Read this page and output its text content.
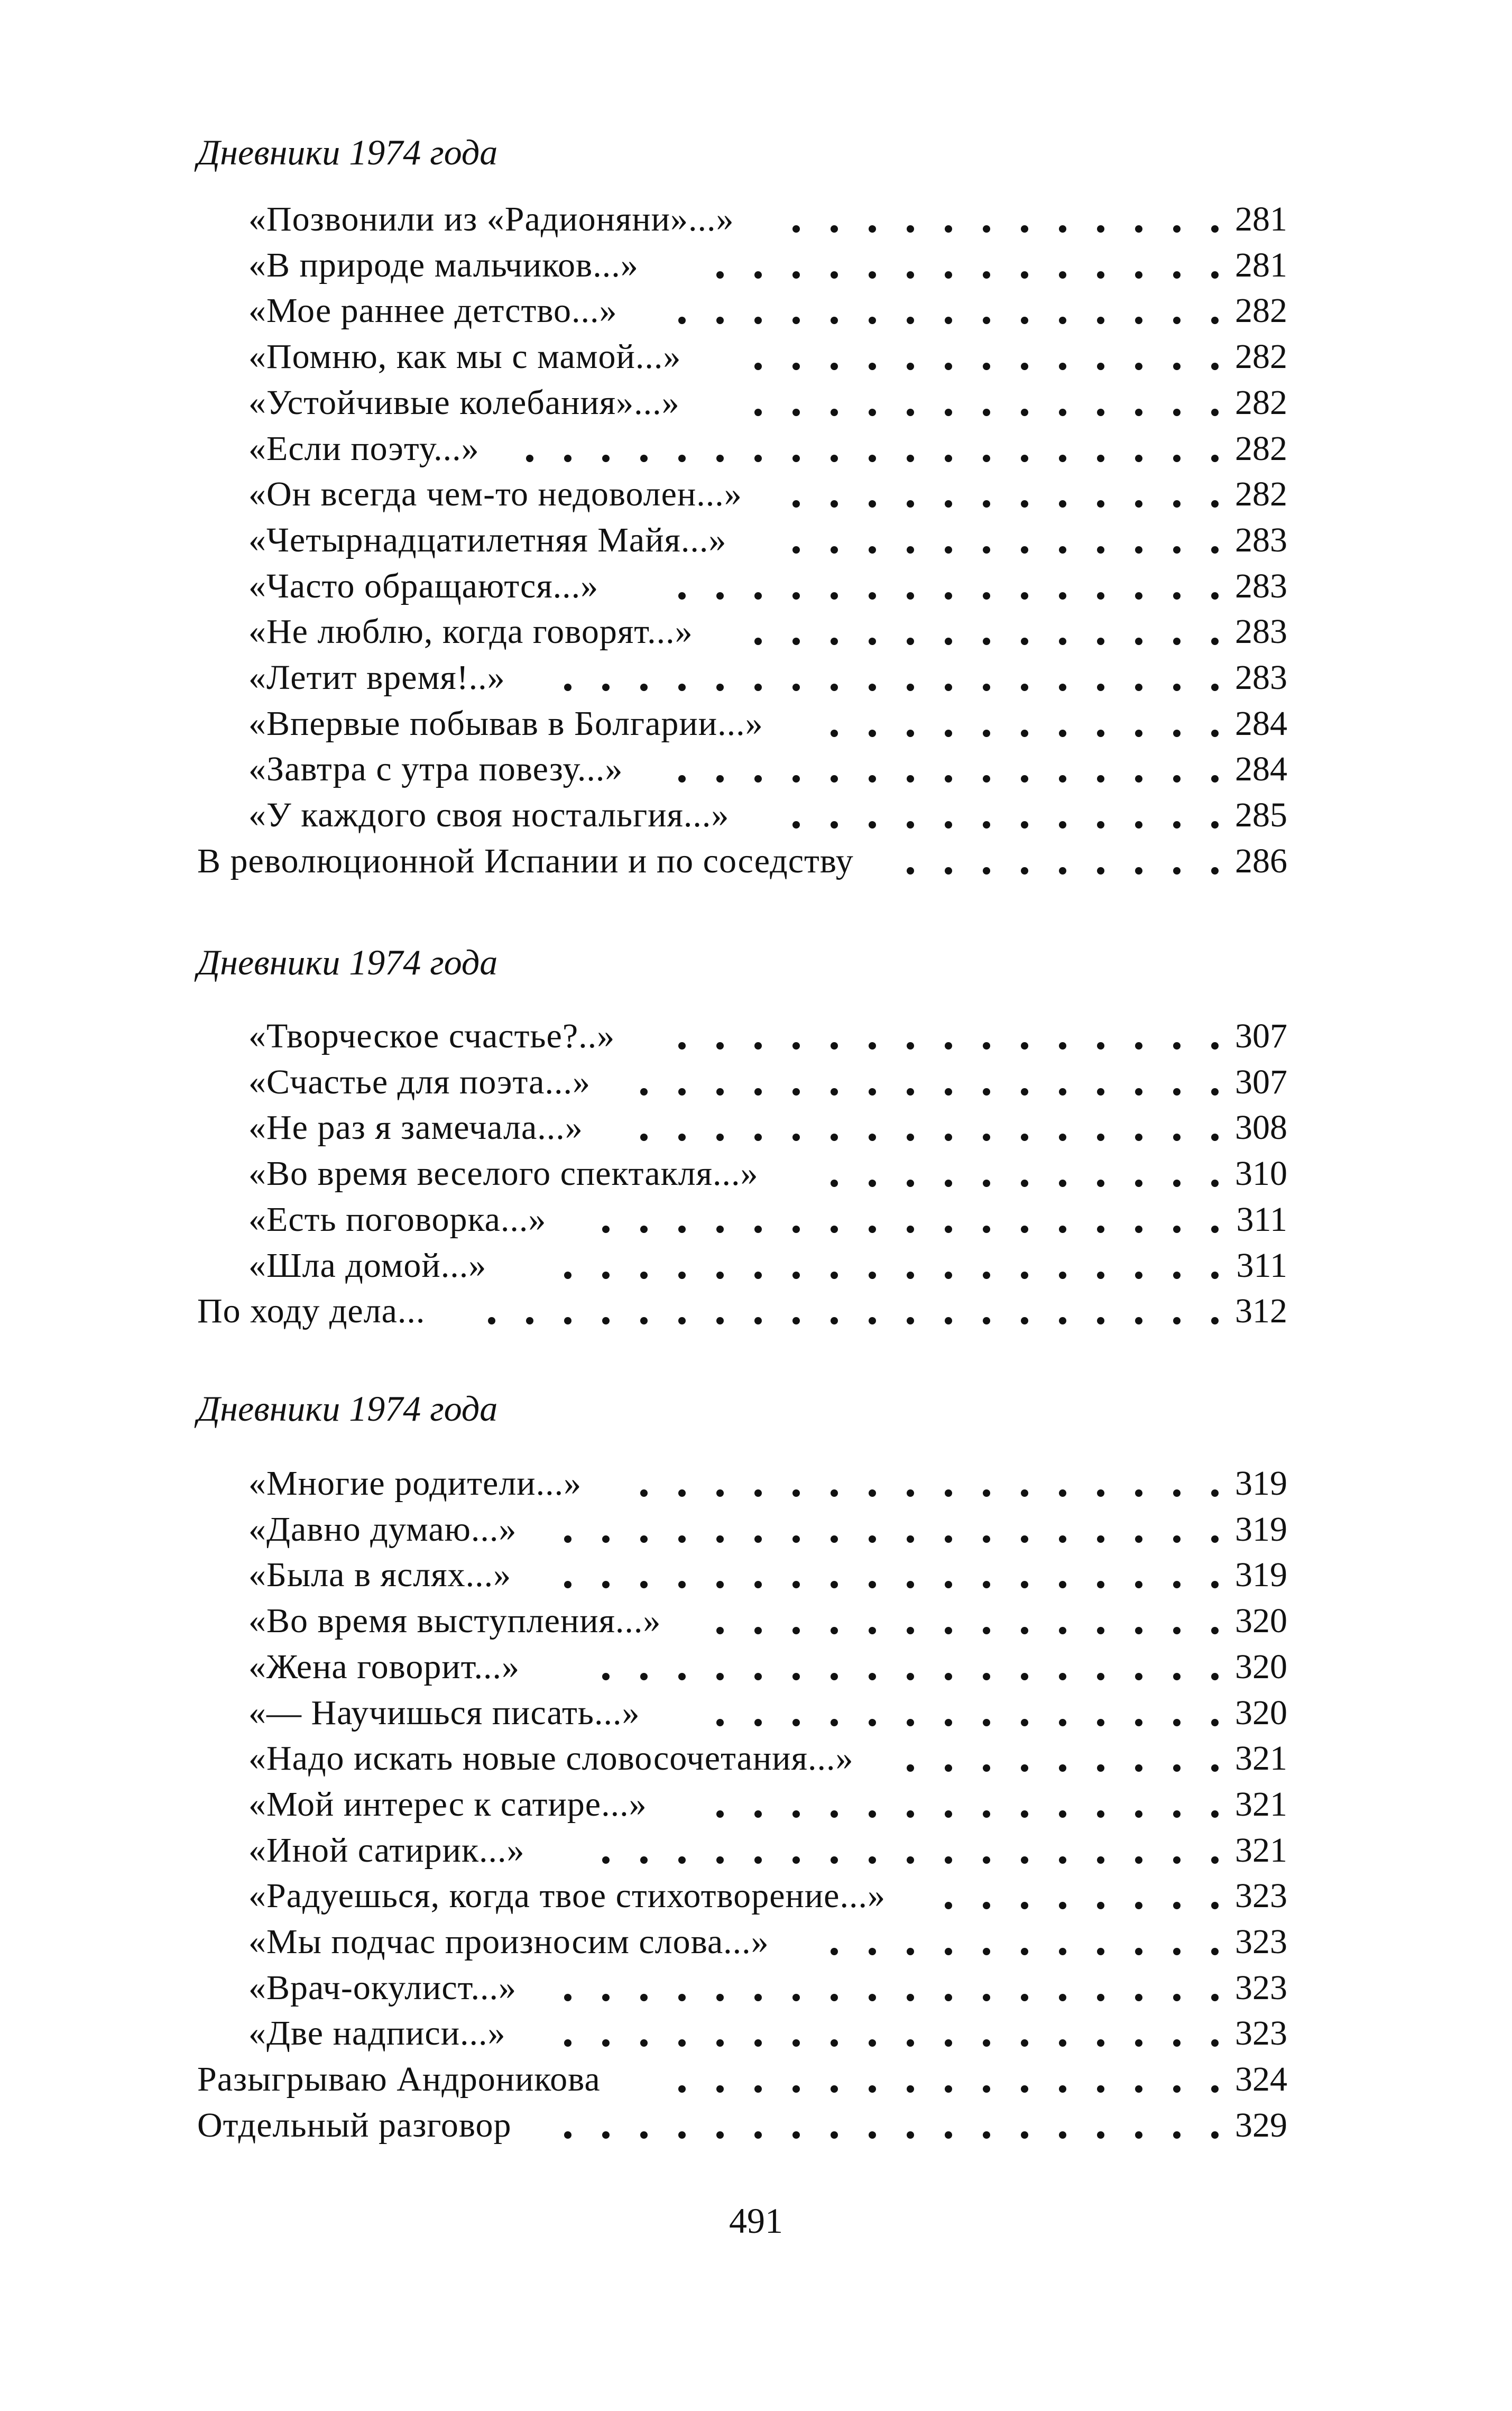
Дневники 1974 года
«Позвонили из «Радионяни»...»	281
«В природе мальчиков...»	281
«Мое раннее детство...»	282
«Помню, как мы с мамой...»	282
«Устойчивые колебания»...»	282
«Если поэту...»	282
«Он всегда чем-то недоволен...»	282
«Четырнадцатилетняя Майя...»	283
«Часто обращаются...»	283
«Не люблю, когда говорят...»	283
«Летит время!..»	283
«Впервые побывав в Болгарии...»	284
«Завтра с утра повезу...»	284
«У каждого своя ностальгия...»	285
В революционной Испании и по соседству	286
Дневники 1974 года
«Творческое счастье?..»	307
«Счастье для поэта...»	307
«Не раз я замечала...»	308
«Во время веселого спектакля...»	310
«Есть поговорка...»	311
«Шла домой...»	311
По ходу дела...	312
Дневники 1974 года
«Многие родители...»	319
«Давно думаю...»	319
«Была в яслях...»	319
«Во время выступления...»	320
«Жена говорит...»	320
«— Научишься писать...»	320
«Надо искать новые словосочетания...»	321
«Мой интерес к сатире...»	321
«Иной сатирик...»	321
«Радуешься, когда твое стихотворение...»	323
«Мы подчас произносим слова...»	323
«Врач-окулист...»	323
«Две надписи...»	323
Разыгрываю Андроникова	324
Отдельный разговор	329
491
